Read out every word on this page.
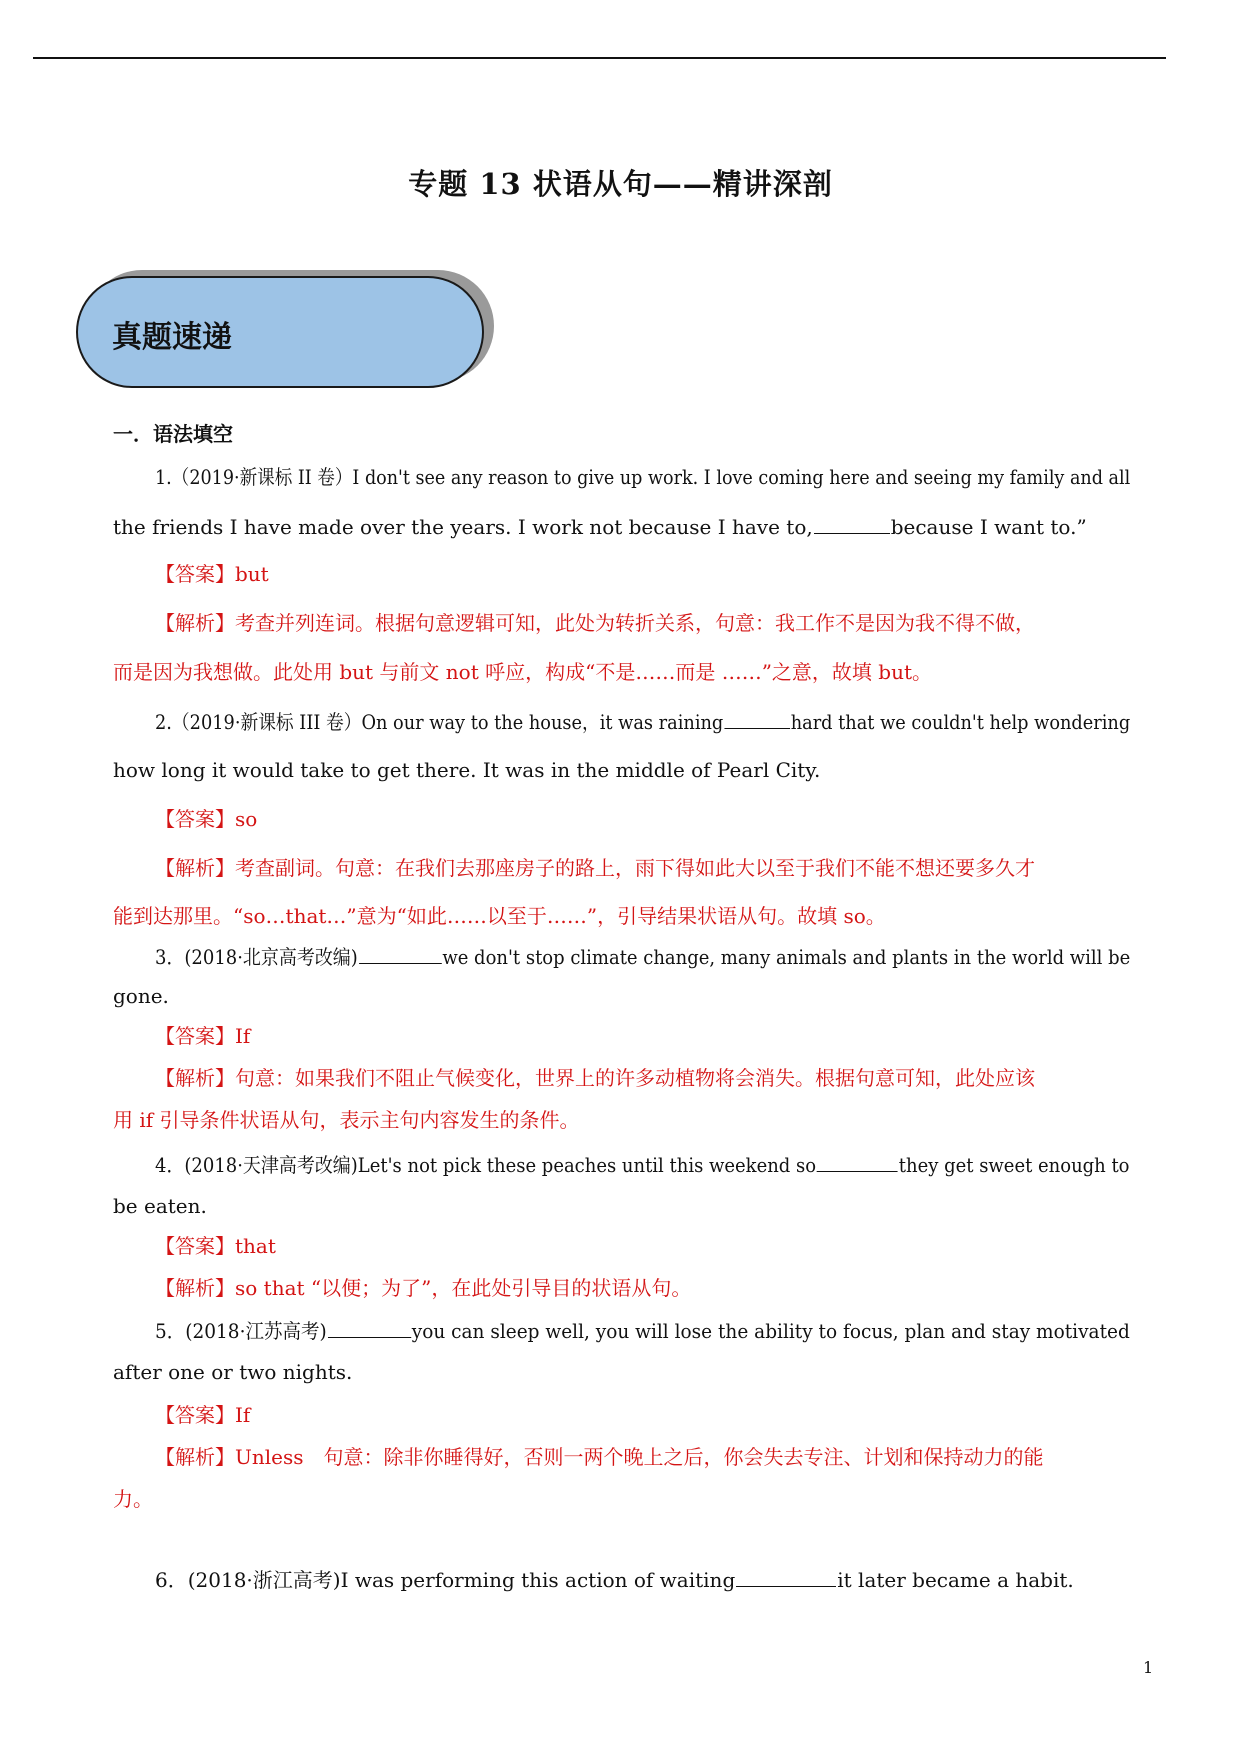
专题 13 状语从句——精讲深剖
真题速递
一．语法填空
1.（2019·新课标 II 卷）I don't see any reason to give up work. I love coming here and seeing my family and all
the friends I have made over the years. I work not because I have to,	because I want to.”
【答案】but
【解析】考查并列连词。根据句意逻辑可知，此处为转折关系，句意：我工作不是因为我不得不做，
而是因为我想做。此处用 but 与前文 not 呼应，构成“不是……而是 ……”之意，故填 but。
2.（2019·新课标 III 卷）On our way to the house，it was raining	hard that we couldn't help wondering
how long it would take to get there. It was in the middle of Pearl City.
【答案】so
【解析】考查副词。句意：在我们去那座房子的路上，雨下得如此大以至于我们不能不想还要多久才
能到达那里。“so…that…”意为“如此……以至于……”，引导结果状语从句。故填 so。
3．(2018·北京高考改编)	we don't stop climate change, many animals and plants in the world will be
gone.
【答案】If
【解析】句意：如果我们不阻止气候变化，世界上的许多动植物将会消失。根据句意可知，此处应该
用 if 引导条件状语从句，表示主句内容发生的条件。
4．(2018·天津高考改编)Let's not pick these peaches until this weekend so	they get sweet enough to
be eaten.
【答案】that
【解析】so that “以便；为了”，在此处引导目的状语从句。
5．(2018·江苏高考)	you can sleep well, you will lose the ability to focus, plan and stay motivated
after one or two nights.
【答案】If
【解析】Unless　句意：除非你睡得好，否则一两个晚上之后，你会失去专注、计划和保持动力的能
力。
6．(2018·浙江高考)I was performing this action of waiting	it later became a habit.
1
